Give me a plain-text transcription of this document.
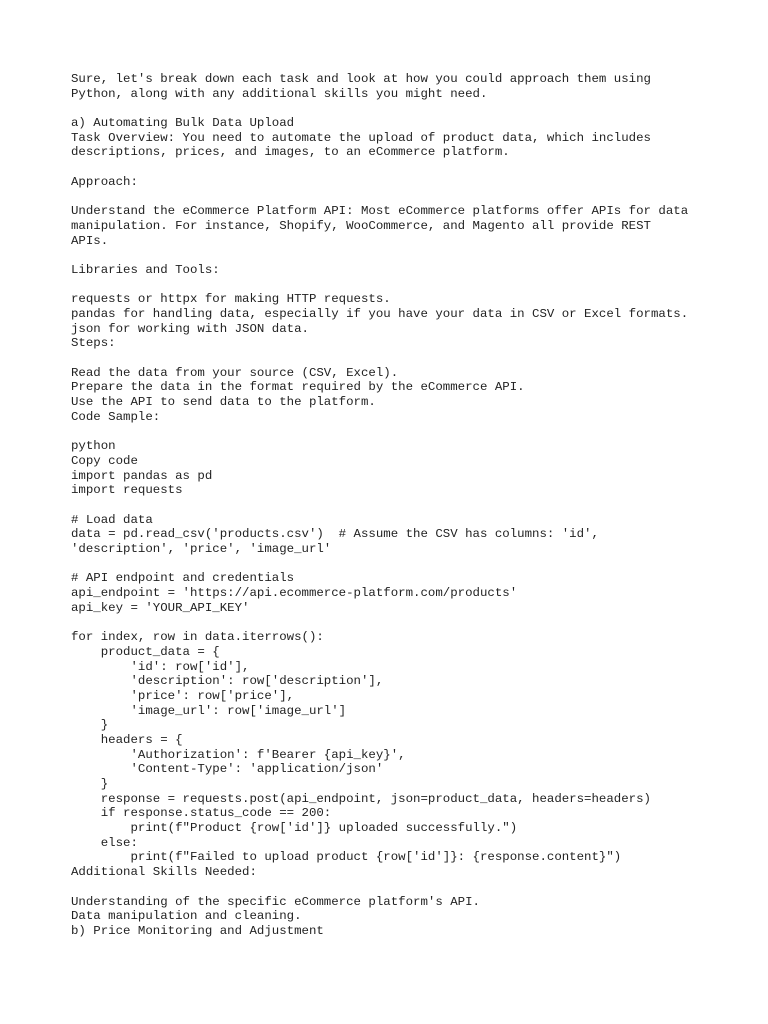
Sure, let's break down each task and look at how you could approach them using
Python, along with any additional skills you might need.
a) Automating Bulk Data Upload
Task Overview: You need to automate the upload of product data, which includes
descriptions, prices, and images, to an eCommerce platform.
Approach:
Understand the eCommerce Platform API: Most eCommerce platforms offer APIs for data
manipulation. For instance, Shopify, WooCommerce, and Magento all provide REST
APIs.
Libraries and Tools:
requests or httpx for making HTTP requests.
pandas for handling data, especially if you have your data in CSV or Excel formats.
json for working with JSON data.
Steps:
Read the data from your source (CSV, Excel).
Prepare the data in the format required by the eCommerce API.
Use the API to send data to the platform.
Code Sample:
python
Copy code
import pandas as pd
import requests
# Load data
data = pd.read_csv('products.csv')  # Assume the CSV has columns: 'id',
'description', 'price', 'image_url'
# API endpoint and credentials
api_endpoint = 'https://api.ecommerce-platform.com/products'
api_key = 'YOUR_API_KEY'
for index, row in data.iterrows():
product_data = {
'id': row['id'],
'description': row['description'],
'price': row['price'],
'image_url': row['image_url']
}
headers = {
'Authorization': f'Bearer {api_key}',
'Content-Type': 'application/json'
}
response = requests.post(api_endpoint, json=product_data, headers=headers)
if response.status_code == 200:
print(f"Product {row['id']} uploaded successfully.")
else:
print(f"Failed to upload product {row['id']}: {response.content}")
Additional Skills Needed:
Understanding of the specific eCommerce platform's API.
Data manipulation and cleaning.
b) Price Monitoring and Adjustment
